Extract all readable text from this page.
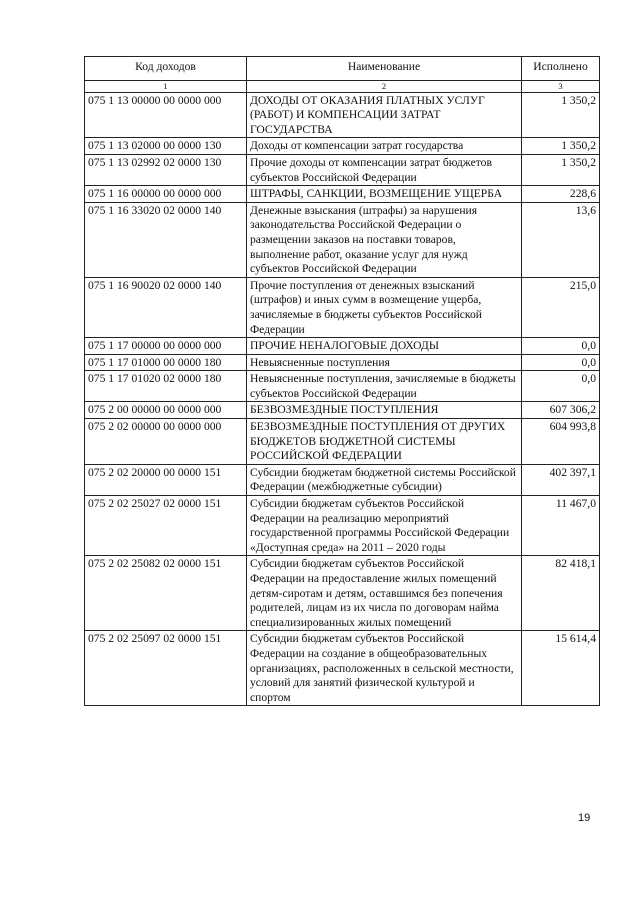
Код доходов	Наименование	Исполнено
1	2	3
075 1 13 00000 00 0000 000	ДОХОДЫ ОТ ОКАЗАНИЯ ПЛАТНЫХ УСЛУГ (РАБОТ) И КОМПЕНСАЦИИ ЗАТРАТ ГОСУДАРСТВА	1 350,2
075 1 13 02000 00 0000 130	Доходы от компенсации затрат государства	1 350,2
075 1 13 02992 02 0000 130	Прочие доходы от компенсации затрат бюджетов субъектов Российской Федерации	1 350,2
075 1 16 00000 00 0000 000	ШТРАФЫ, САНКЦИИ, ВОЗМЕЩЕНИЕ УЩЕРБА	228,6
075 1 16 33020 02 0000 140	Денежные взыскания (штрафы) за нарушения законодательства Российской Федерации о размещении заказов на поставки товаров, выполнение работ, оказание услуг для нужд субъектов Российской Федерации	13,6
075 1 16 90020 02 0000 140	Прочие поступления от денежных взысканий (штрафов) и иных сумм в возмещение ущерба, зачисляемые в бюджеты субъектов Российской Федерации	215,0
075 1 17 00000 00 0000 000	ПРОЧИЕ НЕНАЛОГОВЫЕ ДОХОДЫ	0,0
075 1 17 01000 00 0000 180	Невыясненные поступления	0,0
075 1 17 01020 02 0000 180	Невыясненные поступления, зачисляемые в бюджеты субъектов Российской Федерации	0,0
075 2 00 00000 00 0000 000	БЕЗВОЗМЕЗДНЫЕ ПОСТУПЛЕНИЯ	607 306,2
075 2 02 00000 00 0000 000	БЕЗВОЗМЕЗДНЫЕ ПОСТУПЛЕНИЯ ОТ ДРУГИХ БЮДЖЕТОВ БЮДЖЕТНОЙ СИСТЕМЫ РОССИЙСКОЙ ФЕДЕРАЦИИ	604 993,8
075 2 02 20000 00 0000 151	Субсидии бюджетам бюджетной системы Российской Федерации (межбюджетные субсидии)	402 397,1
075 2 02 25027 02 0000 151	Субсидии бюджетам субъектов Российской Федерации на реализацию мероприятий государственной программы Российской Федерации «Доступная среда» на 2011 – 2020 годы	11 467,0
075 2 02 25082 02 0000 151	Субсидии бюджетам субъектов Российской Федерации на предоставление жилых помещений детям-сиротам и детям, оставшимся без попечения родителей, лицам из их числа по договорам найма специализированных жилых помещений	82 418,1
075 2 02 25097 02 0000 151	Субсидии бюджетам субъектов Российской Федерации на создание в общеобразовательных организациях, расположенных в сельской местности, условий для занятий физической культурой и спортом	15 614,4
19
